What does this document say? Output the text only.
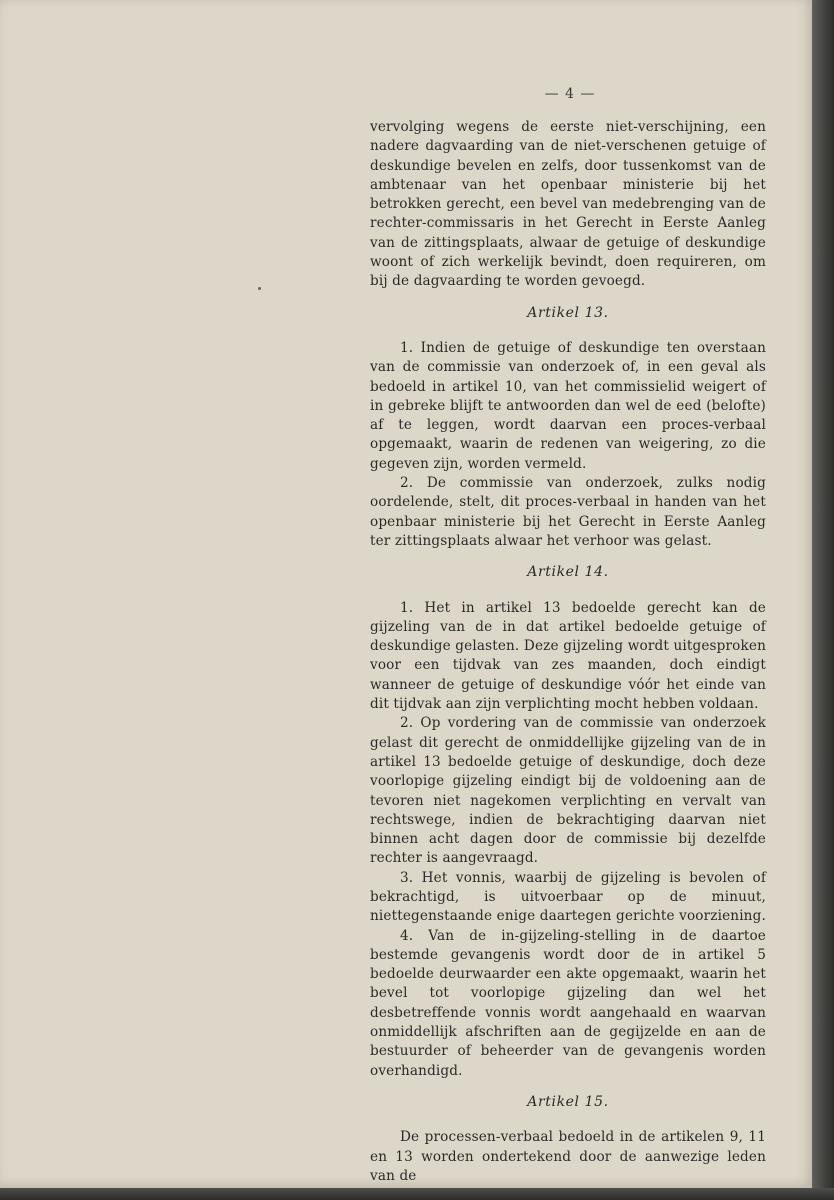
— 4 —

vervolging wegens de eerste niet-verschijning, een nadere dagvaarding van de niet-verschenen getuige of deskundige bevelen en zelfs, door tussenkomst van de ambtenaar van het openbaar ministerie bij het betrokken gerecht, een bevel van medebrenging van de rechter-commissaris in het Gerecht in Eerste Aanleg van de zittingsplaats, alwaar de getuige of deskundige woont of zich werkelijk bevindt, doen requireren, om bij de dagvaarding te worden gevoegd.

Artikel 13.

1. Indien de getuige of deskundige ten overstaan van de commissie van onderzoek of, in een geval als bedoeld in artikel 10, van het commissielid weigert of in gebreke blijft te antwoorden dan wel de eed (belofte) af te leggen, wordt daarvan een proces-verbaal opgemaakt, waarin de redenen van weigering, zo die gegeven zijn, worden vermeld.

2. De commissie van onderzoek, zulks nodig oordelende, stelt, dit proces-verbaal in handen van het openbaar ministerie bij het Gerecht in Eerste Aanleg ter zittingsplaats alwaar het verhoor was gelast.

Artikel 14.

1. Het in artikel 13 bedoelde gerecht kan de gijzeling van de in dat artikel bedoelde getuige of deskundige gelasten. Deze gijzeling wordt uitgesproken voor een tijdvak van zes maanden, doch eindigt wanneer de getuige of deskundige vóór het einde van dit tijdvak aan zijn verplichting mocht hebben voldaan.

2. Op vordering van de commissie van onderzoek gelast dit gerecht de onmiddellijke gijzeling van de in artikel 13 bedoelde getuige of deskundige, doch deze voorlopige gijzeling eindigt bij de voldoening aan de tevoren niet nagekomen verplichting en vervalt van rechtswege, indien de bekrachtiging daarvan niet binnen acht dagen door de commissie bij dezelfde rechter is aangevraagd.

3. Het vonnis, waarbij de gijzeling is bevolen of bekrachtigd, is uitvoerbaar op de minuut, niettegenstaande enige daartegen gerichte voorziening.

4. Van de in-gijzeling-stelling in de daartoe bestemde gevangenis wordt door de in artikel 5 bedoelde deurwaarder een akte opgemaakt, waarin het bevel tot voorlopige gijzeling dan wel het desbetreffende vonnis wordt aangehaald en waarvan onmiddellijk afschriften aan de gegijzelde en aan de bestuurder of beheerder van de gevangenis worden overhandigd.

Artikel 15.

De processen-verbaal bedoeld in de artikelen 9, 11 en 13 worden ondertekend door de aanwezige leden van de
